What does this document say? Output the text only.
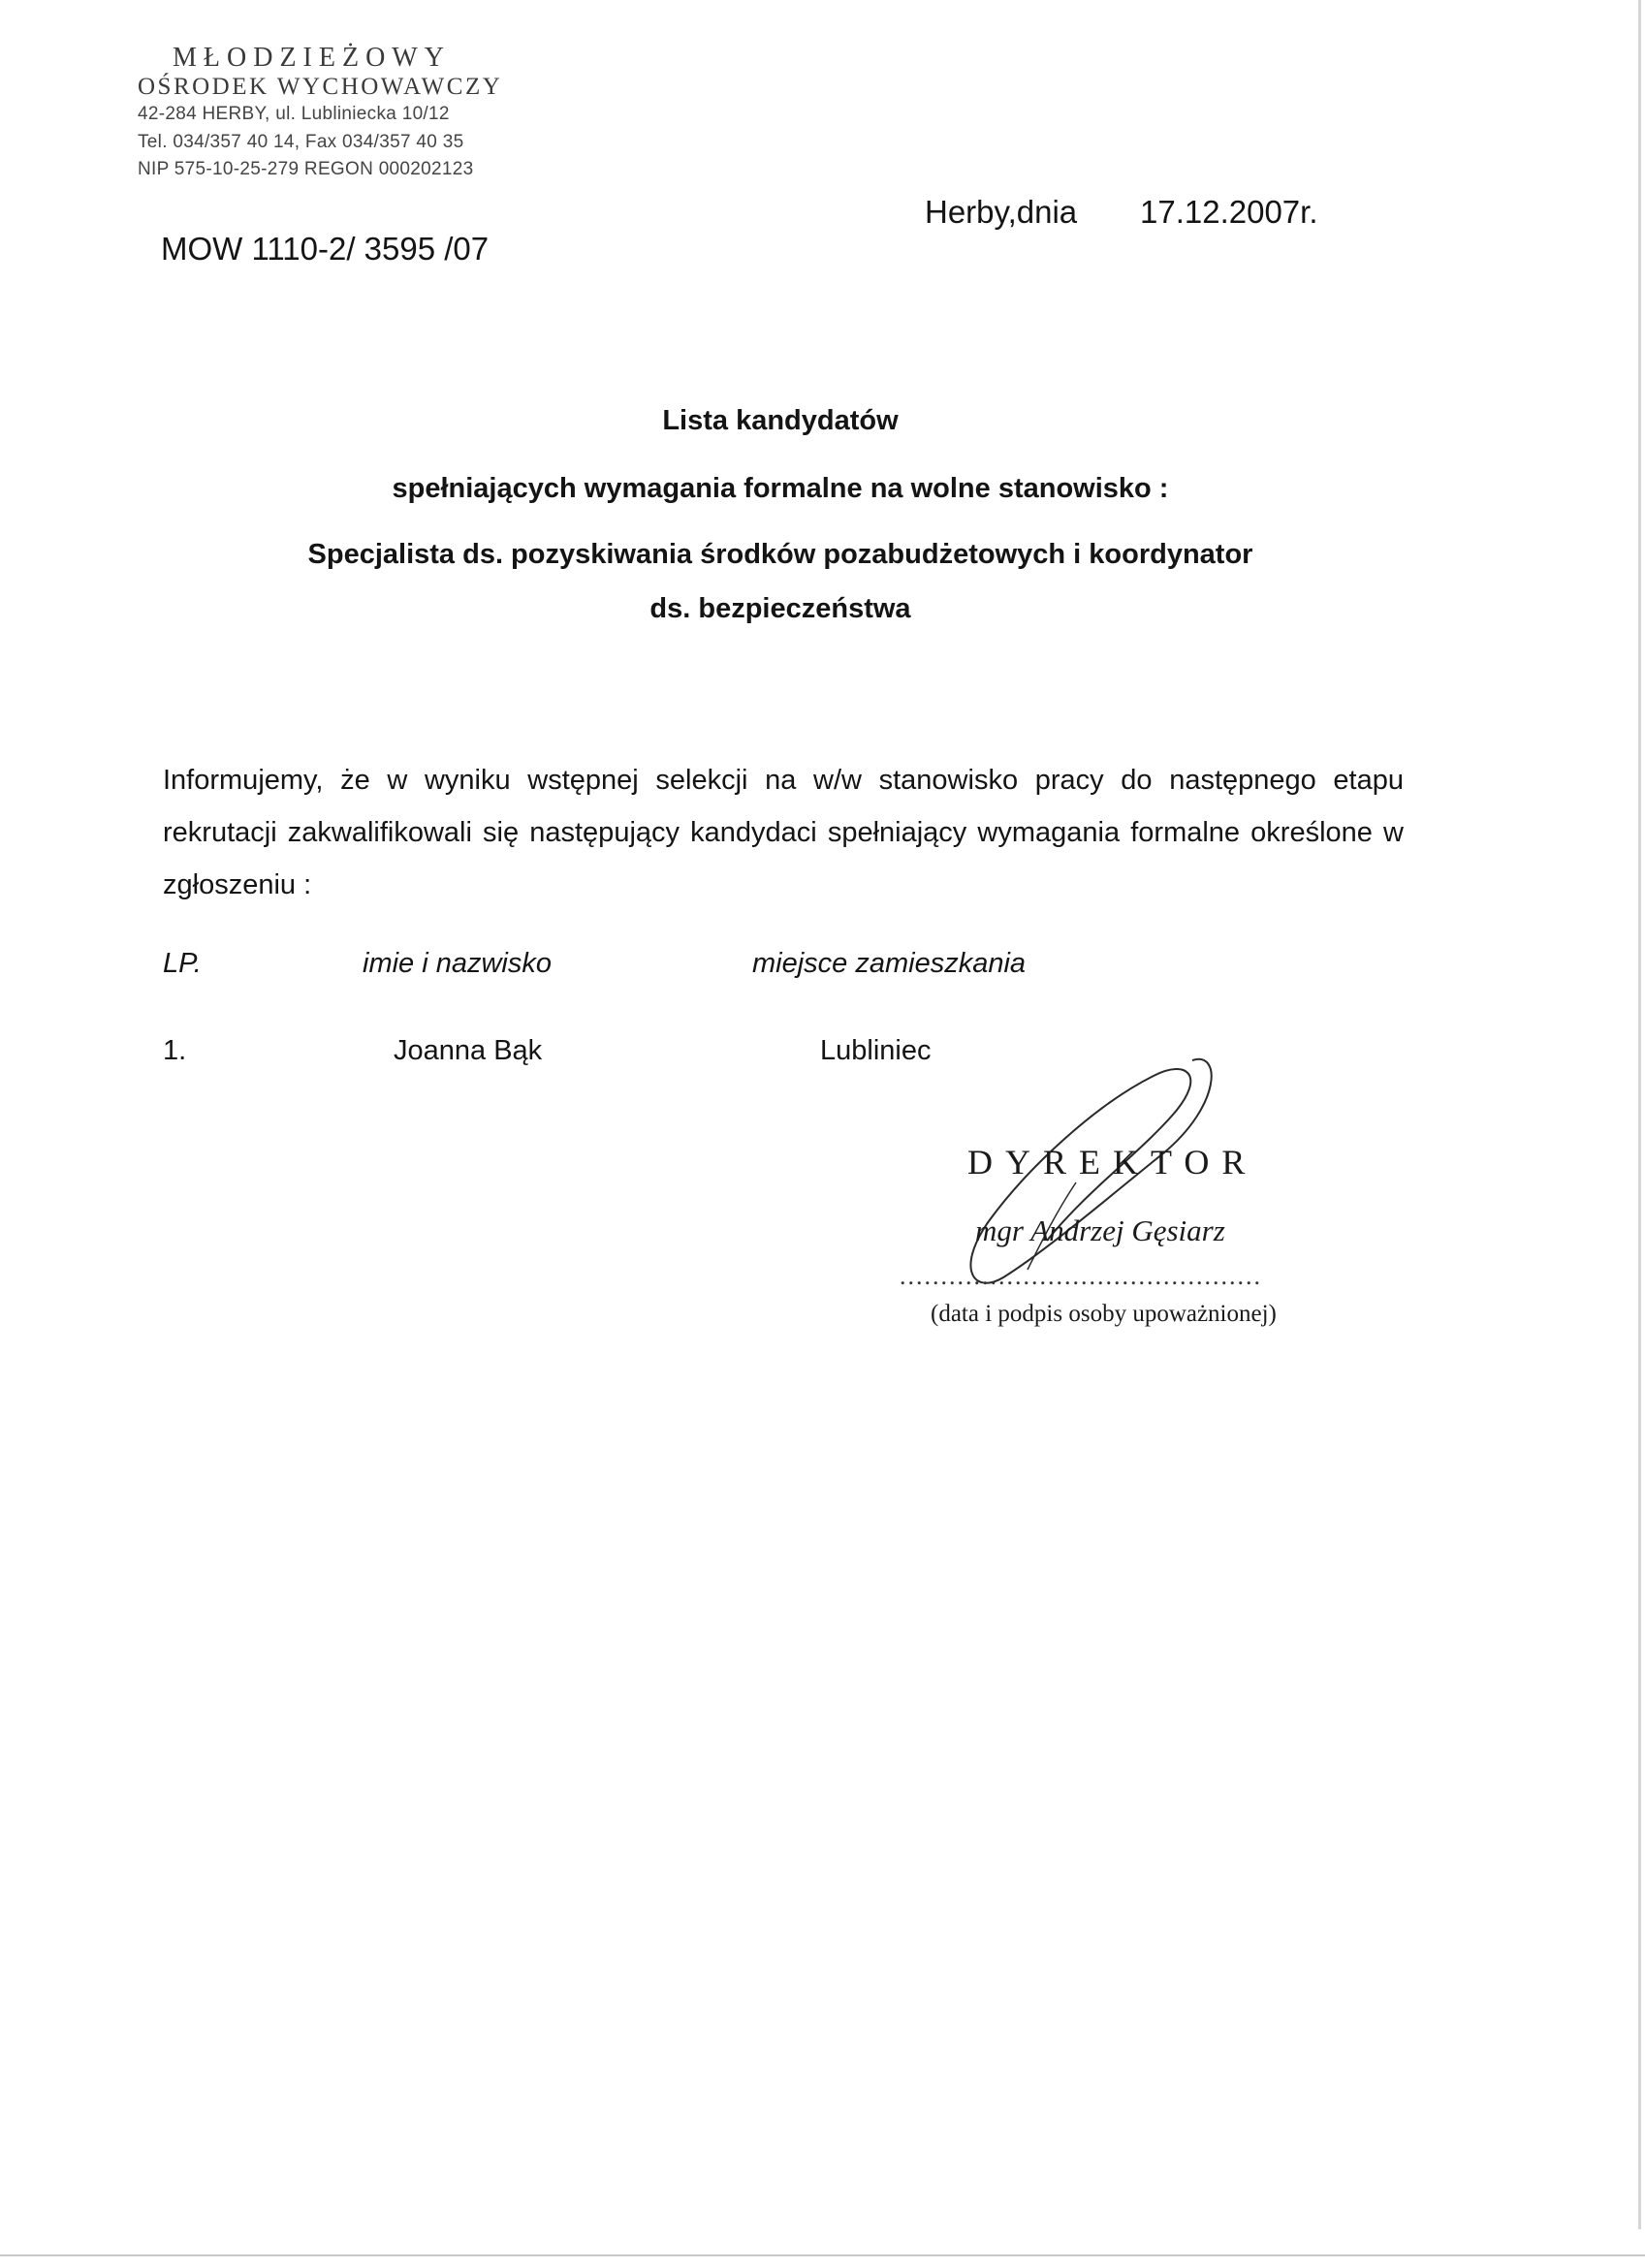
MŁODZIEŻOWY
OŚRODEK WYCHOWAWCZY
42-284 HERBY, ul. Lubliniecka 10/12
Tel. 034/357 40 14, Fax 034/357 40 35
NIP 575-10-25-279 REGON 000202123
MOW 1110-2/ 3595 /07
Herby,dnia 17.12.2007r.
Lista kandydatów
spełniających wymagania formalne na wolne stanowisko :
Specjalista ds. pozyskiwania środków pozabudżetowych i koordynator
ds. bezpieczeństwa
Informujemy, że w wyniku wstępnej selekcji na w/w stanowisko pracy do następnego etapu rekrutacji zakwalifikowali się następujący kandydaci spełniający wymagania formalne określone w zgłoszeniu :
LP.	imie i nazwisko	miejsce zamieszkania
1.	Joanna Bąk	Lubliniec
DYREKTOR
mgr Andrzej Gęsiarz
............................................
(data i podpis osoby upoważnionej)
